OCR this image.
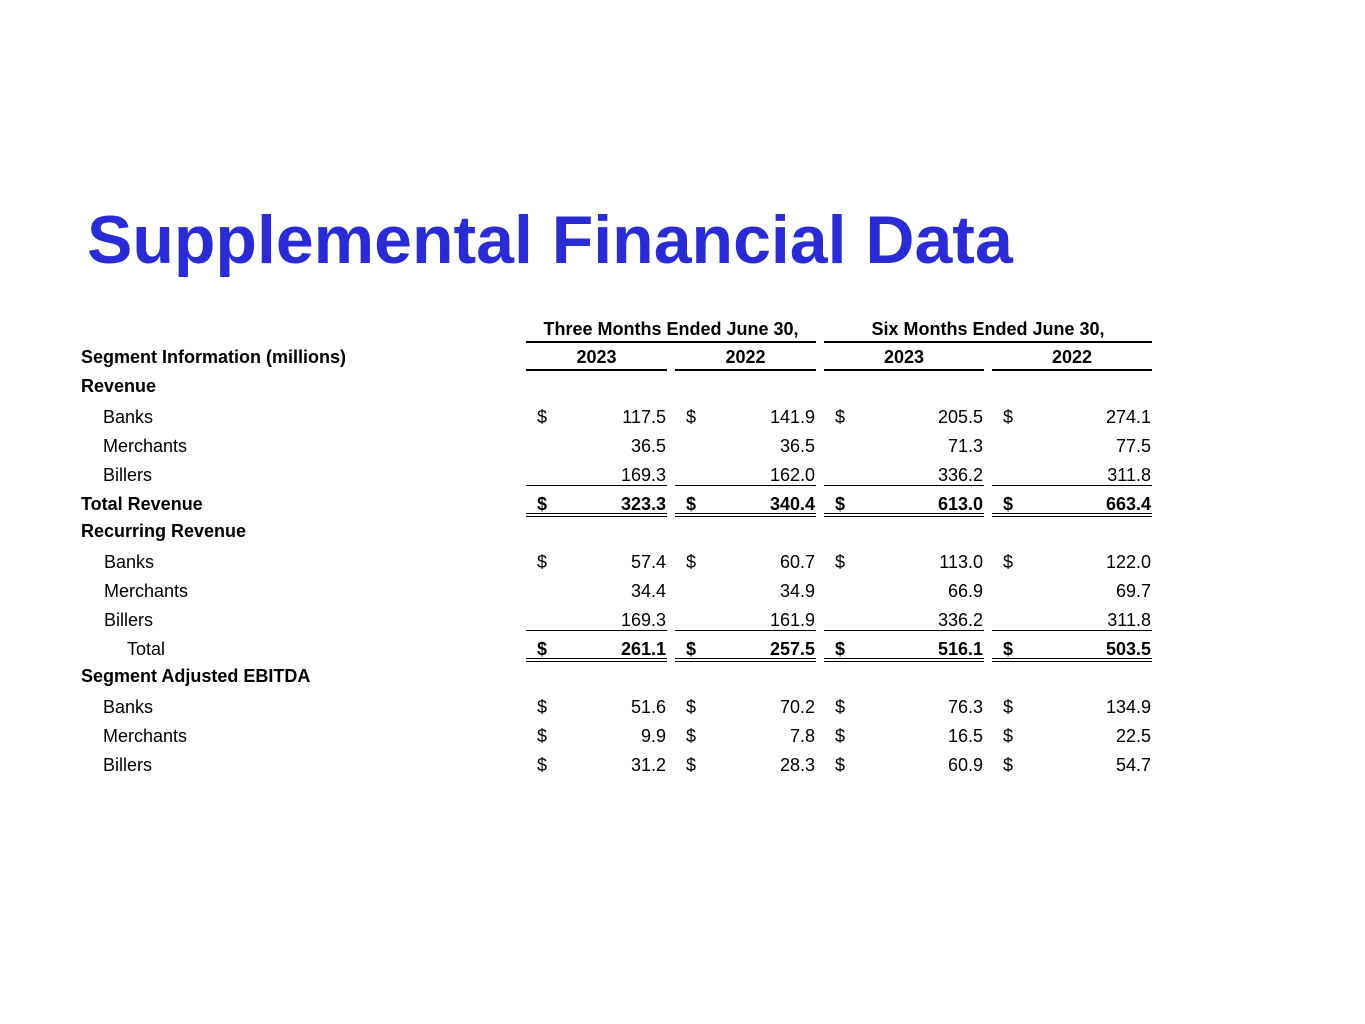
Supplemental Financial Data
Three Months Ended June 30,	Six Months Ended June 30,
2023	2022	2023	2022
Segment Information (millions)
Revenue
Banks	$	117.5 $	141.9 $	205.5 $	274.1
Merchants	36.5	36.5	71.3	77.5
Billers	169.3	162.0	336.2	311.8
Total Revenue	$	323.3 $	340.4 $	613.0 $	663.4
Recurring Revenue
Banks	$	57.4 $	60.7 $	113.0 $	122.0
Merchants	34.4	34.9	66.9	69.7
Billers	169.3	161.9	336.2	311.8
Total	$	261.1 $	257.5 $	516.1 $	503.5
Segment Adjusted EBITDA
Banks	$	51.6 $	70.2 $	76.3 $	134.9
Merchants	$	9.9 $	7.8 $	16.5 $	22.5
Billers	$	31.2 $	28.3 $	60.9 $	54.7
